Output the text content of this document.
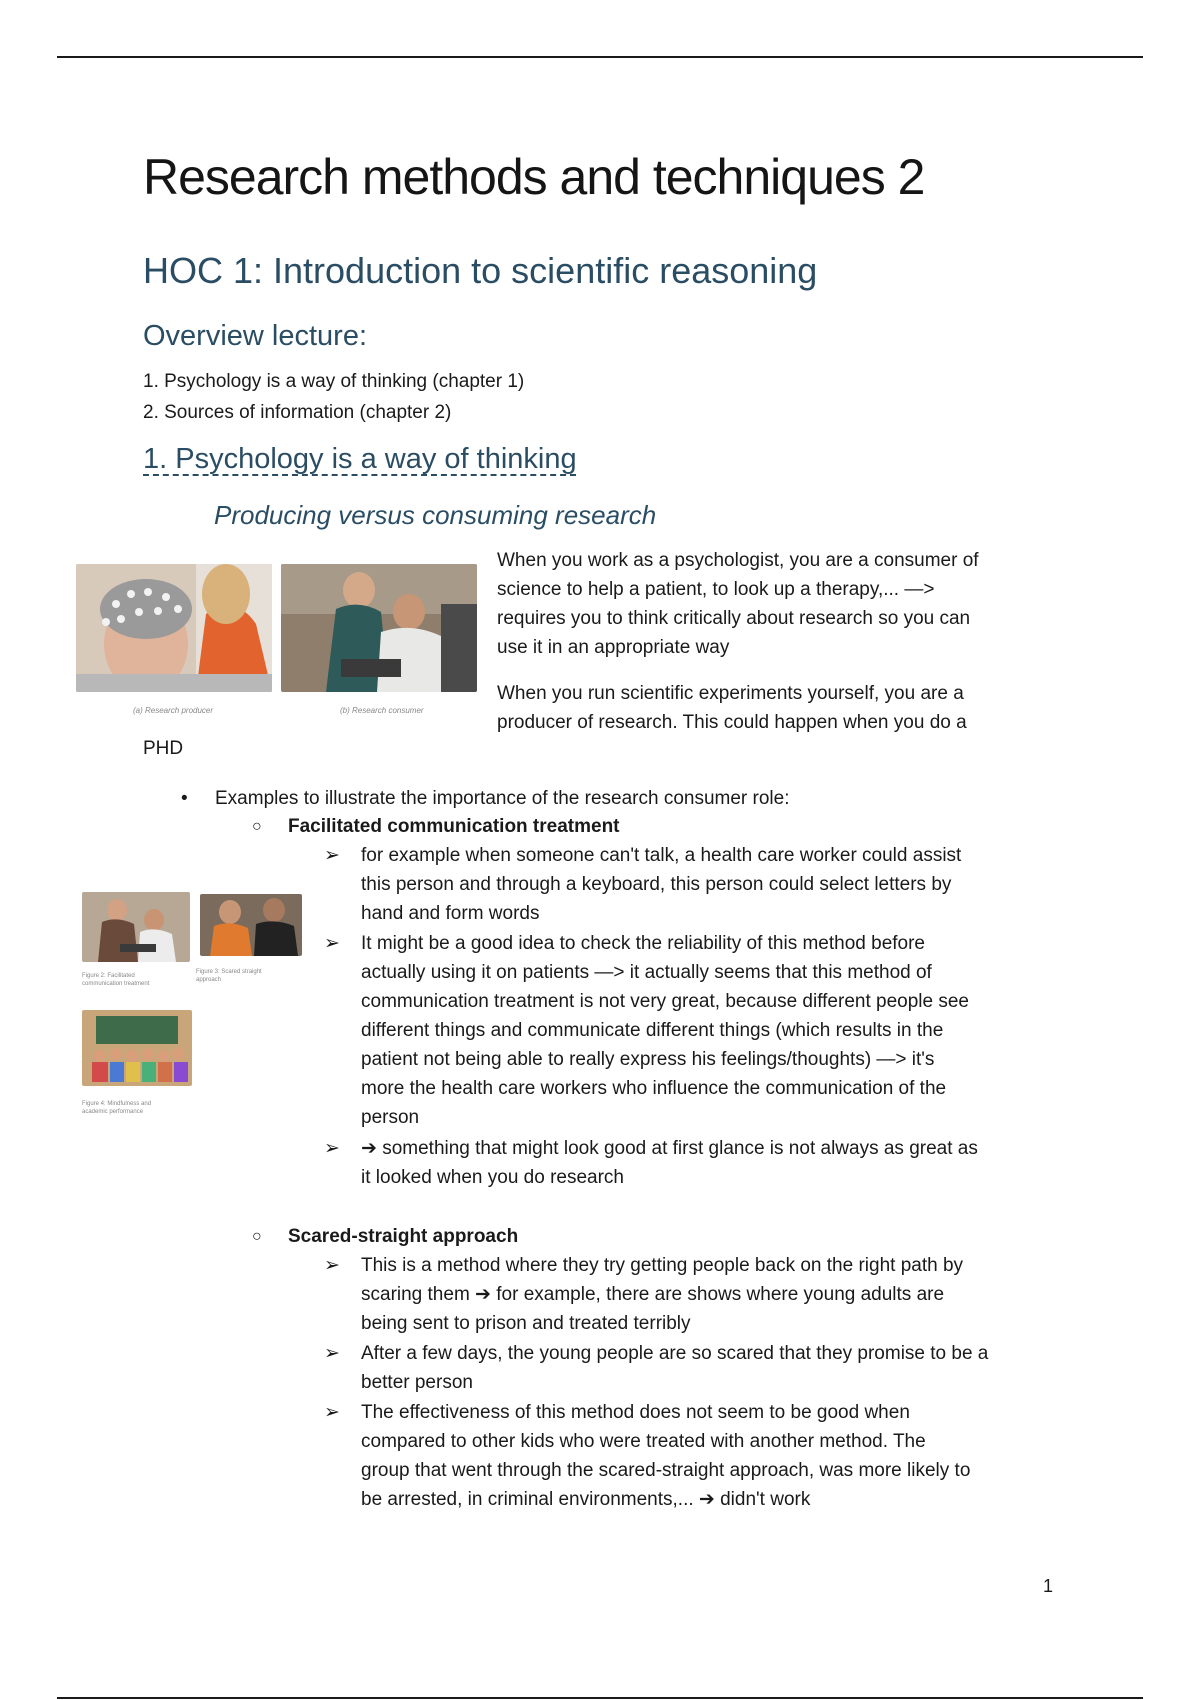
Research methods and techniques 2
HOC 1: Introduction to scientific reasoning
Overview lecture:
1. Psychology is a way of thinking (chapter 1)
2. Sources of information (chapter 2)
1. Psychology is a way of thinking
Producing versus consuming research
(a) Research producer	(b) Research consumer
When you work as a psychologist, you are a consumer of
science to help a patient, to look up a therapy,... —>
requires you to think critically about research so you can
use it in an appropriate way
When you run scientific experiments yourself, you are a
producer of research. This could happen when you do a
PHD
• Examples to illustrate the importance of the research consumer role:
○ Facilitated communication treatment
➢ for example when someone can't talk, a health care worker could assist
this person and through a keyboard, this person could select letters by
hand and form words
➢ It might be a good idea to check the reliability of this method before
actually using it on patients —> it actually seems that this method of
communication treatment is not very great, because different people see
different things and communicate different things (which results in the
patient not being able to really express his feelings/thoughts) —> it's
more the health care workers who influence the communication of the
person
➢ ➔ something that might look good at first glance is not always as great as
it looked when you do research
Figure 2: Facilitated communication treatment
Figure 3: Scared straight approach
Figure 4: Mindfulness and academic performance
○ Scared-straight approach
➢ This is a method where they try getting people back on the right path by
scaring them ➔ for example, there are shows where young adults are
being sent to prison and treated terribly
➢ After a few days, the young people are so scared that they promise to be a
better person
➢ The effectiveness of this method does not seem to be good when
compared to other kids who were treated with another method. The
group that went through the scared-straight approach, was more likely to
be arrested, in criminal environments,... ➔ didn't work
1
